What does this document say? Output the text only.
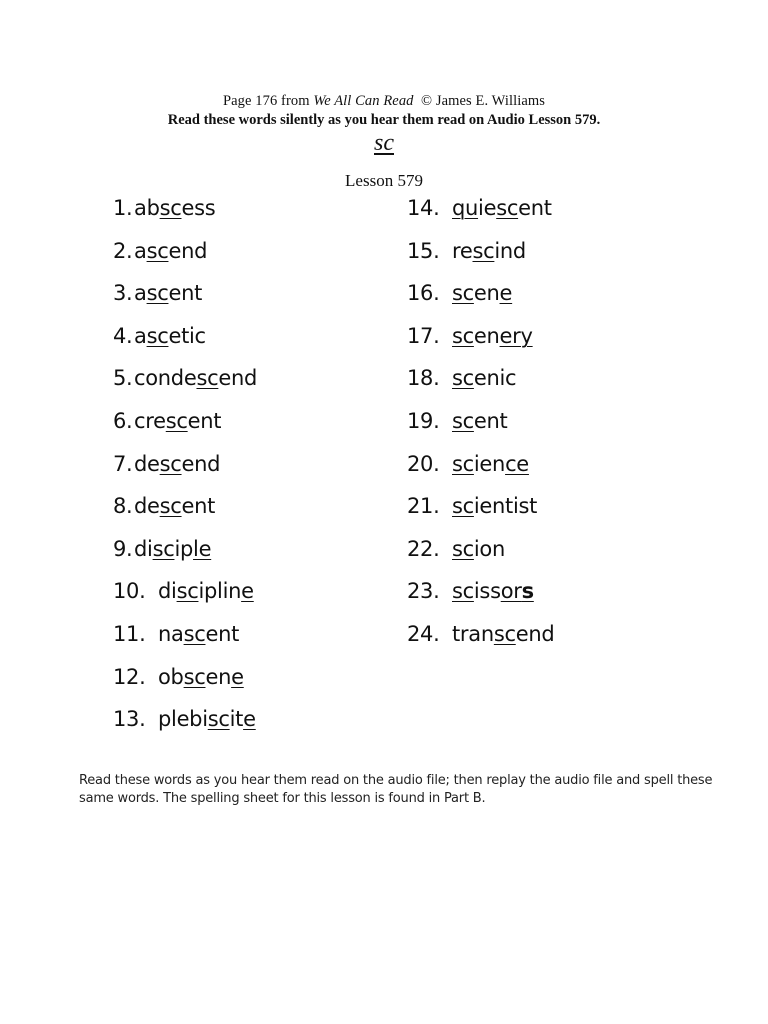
Page 176 from We All Can Read  © James E. Williams
Read these words silently as you hear them read on Audio Lesson 579.
sc
Lesson 579
1.abscess
2.ascend
3.ascent
4.ascetic
5.condescend
6.crescent
7.descend
8.descent
9.disciple
10. discipline
11. nascent
12. obscene
13. plebiscite
14. quiescent
15. rescind
16. scene
17. scenery
18. scenic
19. scent
20. science
21. scientist
22. scion
23. scissors
24. transcend
Read these words as you hear them read on the audio file; then replay the audio file and spell these same words. The spelling sheet for this lesson is found in Part B.
